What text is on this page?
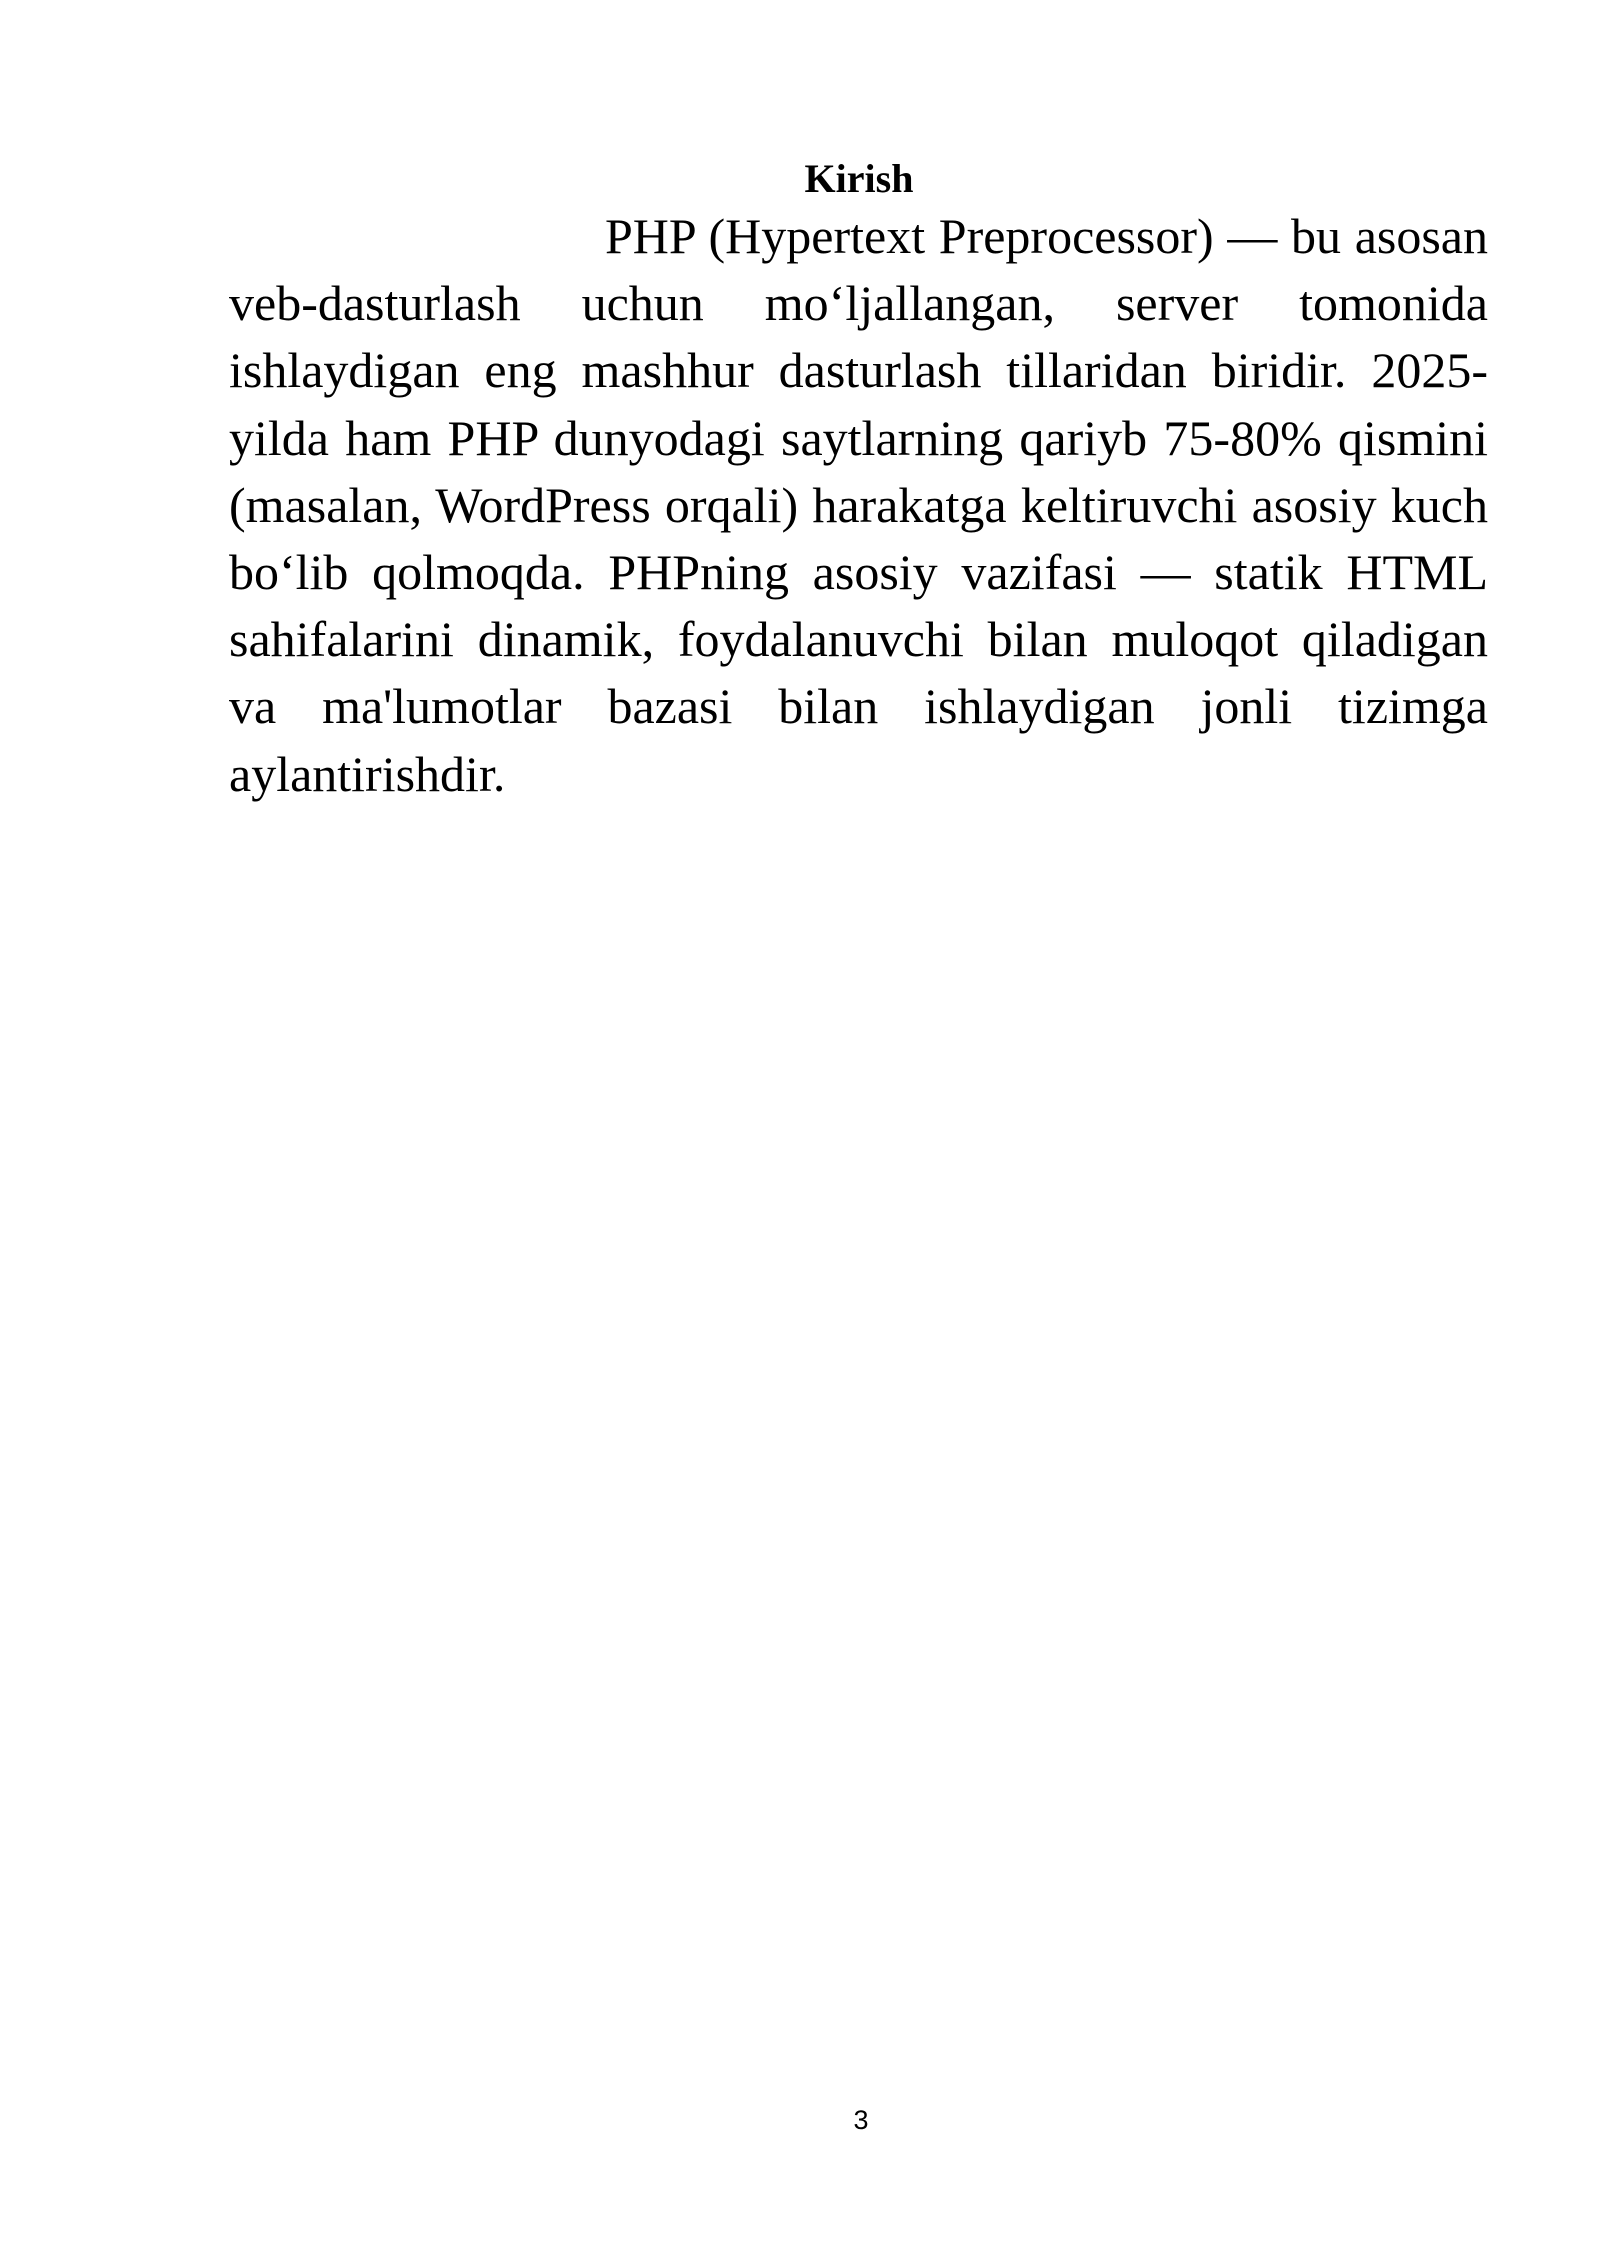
Kirish

PHP (Hypertext Preprocessor) — bu asosan veb-dasturlash uchun mo‘ljallangan, server tomonida ishlaydigan eng mashhur dasturlash tillaridan biridir. 2025-yilda ham PHP dunyodagi saytlarning qariyb 75-80% qismini (masalan, WordPress orqali) harakatga keltiruvchi asosiy kuch bo‘lib qolmoqda. PHPning asosiy vazifasi — statik HTML sahifalarini dinamik, foydalanuvchi bilan muloqot qiladigan va ma'lumotlar bazasi bilan ishlaydigan jonli tizimga aylantirishdir.

3
